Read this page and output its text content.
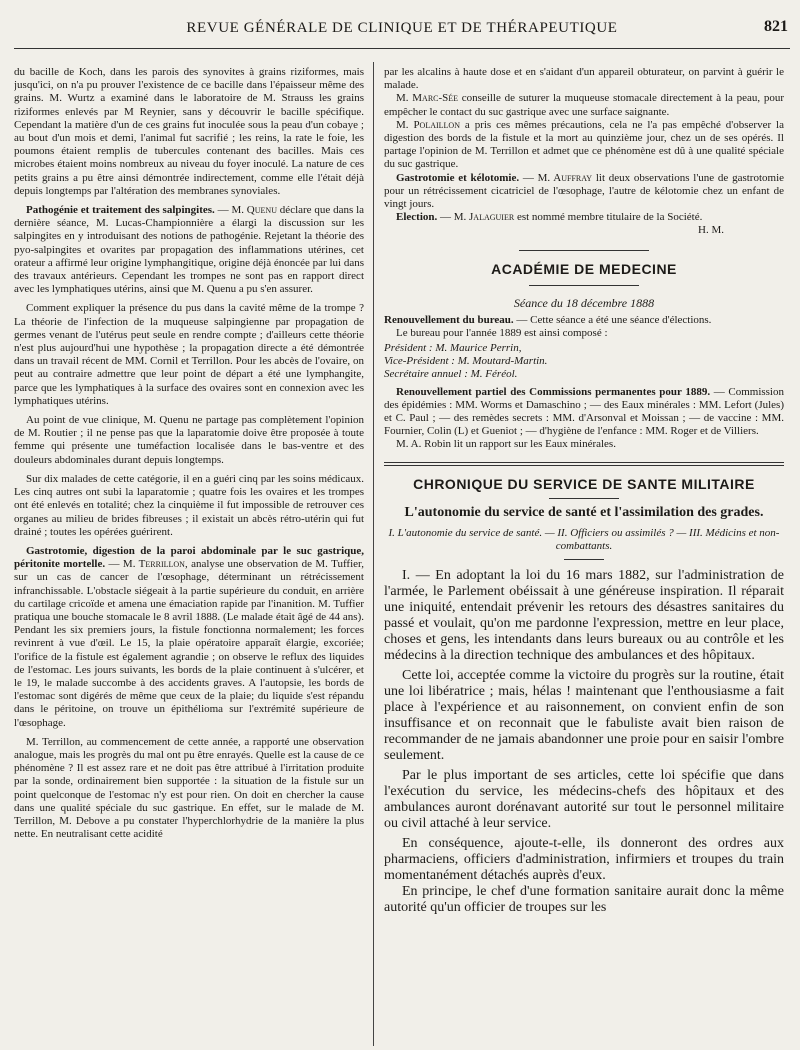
REVUE GÉNÉRALE DE CLINIQUE ET DE THÉRAPEUTIQUE	821

du bacille de Koch, dans les parois des synovites à grains riziformes, mais jusqu'ici, on n'a pu prouver l'existence de ce bacille dans l'épaisseur même des grains. M. Wurtz a examiné dans le laboratoire de M. Strauss les grains riziformes enlevés par M Reynier, sans y découvrir le bacille spécifique. Cependant la matière d'un de ces grains fut inoculée sous la peau d'un cobaye ; au bout d'un mois et demi, l'animal fut sacrifié ; les reins, la rate le foie, les poumons étaient remplis de tubercules contenant des bacilles. Mais ces microbes étaient moins nombreux au niveau du foyer inoculé. La nature de ces petits grains a pu être ainsi démontrée indirectement, comme elle l'était déjà depuis longtemps par l'altération des membranes synoviales.

Pathogénie et traitement des salpingites. — M. Quenu déclare que dans la dernière séance, M. Lucas-Championnière a élargi la discussion sur les salpingites en y introduisant des notions de pathogénie. Rejetant la théorie des pyo-salpingites et ovarites par propagation des inflammations utérines, cet orateur a affirmé leur origine lymphangitique, origine déjà énoncée par lui dans des travaux antérieurs. Cependant les trompes ne sont pas en rapport direct avec les lymphatiques utérins, ainsi que M. Quenu a pu s'en assurer.

Comment expliquer la présence du pus dans la cavité même de la trompe ? La théorie de l'infection de la muqueuse salpingienne par propagation de germes venant de l'utérus peut seule en rendre compte ; d'ailleurs cette théorie n'est plus aujourd'hui une hypothèse ; la propagation directe a été démontrée dans un travail récent de MM. Cornil et Terrillon. Pour les abcès de l'ovaire, on peut au contraire admettre que leur point de départ a été une lymphangite, parce que les lymphatiques à la surface des ovaires sont en connexion avec les lymphatiques utérins.

Au point de vue clinique, M. Quenu ne partage pas complètement l'opinion de M. Routier ; il ne pense pas que la laparatomie doive être proposée à toute femme qui présente une tuméfaction localisée dans le bas-ventre et des douleurs abdominales durant depuis longtemps.

Sur dix malades de cette catégorie, il en a guéri cinq par les soins médicaux. Les cinq autres ont subi la laparatomie ; quatre fois les ovaires et les trompes ont été enlevés en totalité; chez la cinquième il fut impossible de retrouver ces organes au milieu de brides fibreuses ; il existait un abcès rétro-utérin qui fut drainé ; toutes les opérées guérirent.

Gastrotomie, digestion de la paroi abdominale par le suc gastrique, péritonite mortelle. — M. Terrillon, analyse une observation de M. Tuffier, sur un cas de cancer de l'œsophage, déterminant un rétrécissement infranchissable. L'obstacle siégeait à la partie supérieure du conduit, en arrière du cartilage cricoïde et amena une émaciation rapide par l'inanition. M. Tuffier pratiqua une bouche stomacale le 8 avril 1888. (Le malade était âgé de 44 ans). Pendant les six premiers jours, la fistule fonctionna normalement; les forces revinrent à vue d'œil. Le 15, la plaie opératoire apparaît élargie, excoriée; l'orifice de la fistule est également agrandie ; on observe le reflux des liquides de l'estomac. Les jours suivants, les bords de la plaie continuent à s'ulcérer, et le 19, le malade succombe à des accidents graves. A l'autopsie, les bords de l'estomac sont digérés de même que ceux de la plaie; du liquide s'est répandu dans le péritoine, on trouve un épithélioma sur l'extrémité supérieure de l'œsophage.

M. Terrillon, au commencement de cette année, a rapporté une observation analogue, mais les progrès du mal ont pu être enrayés. Quelle est la cause de ce phénomène ? Il est assez rare et ne doit pas être attribué à l'irritation produite par la sonde, ordinairement bien supportée : la situation de la fistule sur un point quelconque de l'estomac n'y est pour rien. On doit en chercher la cause dans une qualité spéciale du suc gastrique. En effet, sur le malade de M. Terrillon, M. Debove a pu constater l'hyperchlorhydrie de la manière la plus nette. En neutralisant cette acidité

par les alcalins à haute dose et en s'aidant d'un appareil obturateur, on parvint à guérir le malade.

M. Marc-Sée conseille de suturer la muqueuse stomacale directement à la peau, pour empêcher le contact du suc gastrique avec une surface saignante.

M. Polaillon a pris ces mêmes précautions, cela ne l'a pas empêché d'observer la digestion des bords de la fistule et la mort au quinzième jour, chez un de ses opérés. Il partage l'opinion de M. Terrillon et admet que ce phénomène est dû à une qualité spéciale du suc gastrique.

Gastrotomie et kélotomie. — M. Auffray lit deux observations l'une de gastrotomie pour un rétrécissement cicatriciel de l'œsophage, l'autre de kélotomie chez un enfant de vingt jours.

Election. — M. Jalaguier est nommé membre titulaire de la Société.

H. M.
ACADÉMIE DE MEDECINE
Séance du 18 décembre 1888

Renouvellement du bureau. — Cette séance a été une séance d'élections.

Le bureau pour l'année 1889 est ainsi composé :

Président : M. Maurice Perrin,
Vice-Président : M. Moutard-Martin.
Secrétaire annuel : M. Féréol.

Renouvellement partiel des Commissions permanentes pour 1889. — Commission des épidémies : MM. Worms et Damaschino ; — des Eaux minérales : MM. Lefort (Jules) et C. Paul ; — des remèdes secrets : MM. d'Arsonval et Moissan ; — de vaccine : MM. Fournier, Colin (L) et Gueniot ; — d'hygiène de l'enfance : MM. Roger et de Villiers.

M. A. Robin lit un rapport sur les Eaux minérales.

CHRONIQUE DU SERVICE DE SANTE MILITAIRE
L'autonomie du service de santé et l'assimilation des grades.
I. L'autonomie du service de santé. — II. Officiers ou assimilés ? — III. Médicins et non-combattants.

I. — En adoptant la loi du 16 mars 1882, sur l'administration de l'armée, le Parlement obéissait à une généreuse inspiration. Il réparait une iniquité, entendait prévenir les retours des désastres sanitaires du passé et voulait, qu'on me pardonne l'expression, mettre en leur place, choses et gens, les intendants dans leurs bureaux ou au contrôle et les médecins à la direction technique des ambulances et des hôpitaux.

Cette loi, acceptée comme la victoire du progrès sur la routine, était une loi libératrice ; mais, hélas ! maintenant que l'enthousiasme a fait place à l'expérience et au raisonnement, on convient enfin de son insuffisance et on reconnait que le fabuliste avait bien raison de recommander de ne jamais abandonner une proie pour en saisir l'ombre seulement.

Par le plus important de ses articles, cette loi spécifie que dans l'exécution du service, les médecins-chefs des hôpitaux et des ambulances auront dorénavant autorité sur tout le personnel militaire ou civil attaché à leur service.

En conséquence, ajoute-t-elle, ils donneront des ordres aux pharmaciens, officiers d'administration, infirmiers et troupes du train momentanément détachés auprès d'eux.

En principe, le chef d'une formation sanitaire aurait donc la même autorité qu'un officier de troupes sur les
